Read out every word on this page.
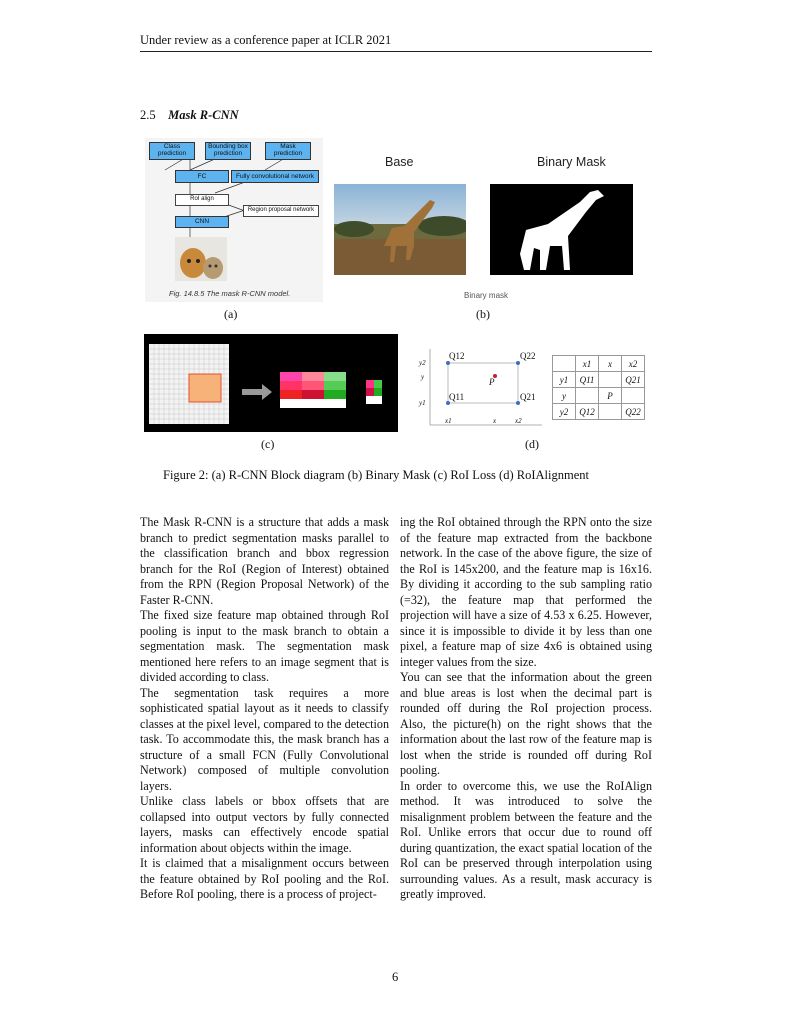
Under review as a conference paper at ICLR 2021
2.5 Mask R-CNN
Class prediction
Bounding box prediction
Mask prediction
FC	Fully convolutional network
RoI align
Region proposal network
CNN
Fig. 14.8.5 The mask R-CNN model.
(a)
Base	Binary Mask
Binary mask
(b)
(c)
Q12	Q22
Q11	Q21
P
y2
y
y1
x1	x	x2
	x1	x	x2
y1	Q11		Q21
y		P	
y2	Q12		Q22
(d)
Figure 2: (a) R-CNN Block diagram (b) Binary Mask (c) RoI Loss (d) RoIAlignment

The Mask R-CNN is a structure that adds a mask branch to predict segmentation masks parallel to the classification branch and bbox regression branch for the RoI (Region of Interest) obtained from the RPN (Region Proposal Network) of the Faster R-CNN.

The fixed size feature map obtained through RoI pooling is input to the mask branch to obtain a segmentation mask. The segmentation mask mentioned here refers to an image segment that is divided according to class.

The segmentation task requires a more sophisticated spatial layout as it needs to classify classes at the pixel level, compared to the detection task. To accommodate this, the mask branch has a structure of a small FCN (Fully Convolutional Network) composed of multiple convolution layers.

Unlike class labels or bbox offsets that are collapsed into output vectors by fully connected layers, masks can effectively encode spatial information about objects within the image.

It is claimed that a misalignment occurs between the feature obtained by RoI pooling and the RoI. Before RoI pooling, there is a process of project-

ing the RoI obtained through the RPN onto the size of the feature map extracted from the backbone network. In the case of the above figure, the size of the RoI is 145x200, and the feature map is 16x16. By dividing it according to the sub sampling ratio (=32), the feature map that performed the projection will have a size of 4.53 x 6.25. However, since it is impossible to divide it by less than one pixel, a feature map of size 4x6 is obtained using integer values from the size.

You can see that the information about the green and blue areas is lost when the decimal part is rounded off during the RoI projection process. Also, the picture(h) on the right shows that the information about the last row of the feature map is lost when the stride is rounded off during RoI pooling.

In order to overcome this, we use the RoIAlign method. It was introduced to solve the misalignment problem between the feature and the RoI. Unlike errors that occur due to round off during quantization, the exact spatial location of the RoI can be preserved through interpolation using surrounding values. As a result, mask accuracy is greatly improved.

6
